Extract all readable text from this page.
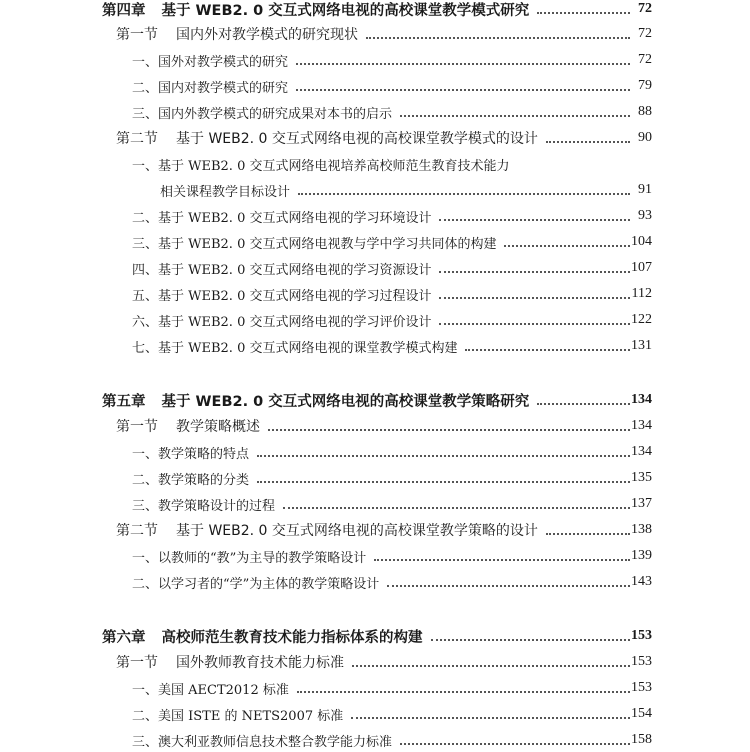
第四章 基于 WEB2. 0 交互式网络电视的高校课堂教学模式研究	72
第一节 国内外对教学模式的研究现状	72
一、国外对教学模式的研究	72
二、国内对教学模式的研究	79
三、国内外教学模式的研究成果对本书的启示	88
第二节 基于 WEB2. 0 交互式网络电视的高校课堂教学模式的设计	90
一、基于 WEB2. 0 交互式网络电视培养高校师范生教育技术能力
相关课程教学目标设计	91
二、基于 WEB2. 0 交互式网络电视的学习环境设计	93
三、基于 WEB2. 0 交互式网络电视教与学中学习共同体的构建	104
四、基于 WEB2. 0 交互式网络电视的学习资源设计	107
五、基于 WEB2. 0 交互式网络电视的学习过程设计	112
六、基于 WEB2. 0 交互式网络电视的学习评价设计	122
七、基于 WEB2. 0 交互式网络电视的课堂教学模式构建	131
第五章 基于 WEB2. 0 交互式网络电视的高校课堂教学策略研究	134
第一节 教学策略概述	134
一、教学策略的特点	134
二、教学策略的分类	135
三、教学策略设计的过程	137
第二节 基于 WEB2. 0 交互式网络电视的高校课堂教学策略的设计	138
一、以教师的“教”为主导的教学策略设计	139
二、以学习者的“学”为主体的教学策略设计	143
第六章 高校师范生教育技术能力指标体系的构建	153
第一节 国外教师教育技术能力标准	153
一、美国 AECT2012 标准	153
二、美国 ISTE 的 NETS2007 标准	154
三、澳大利亚教师信息技术整合教学能力标准	158
